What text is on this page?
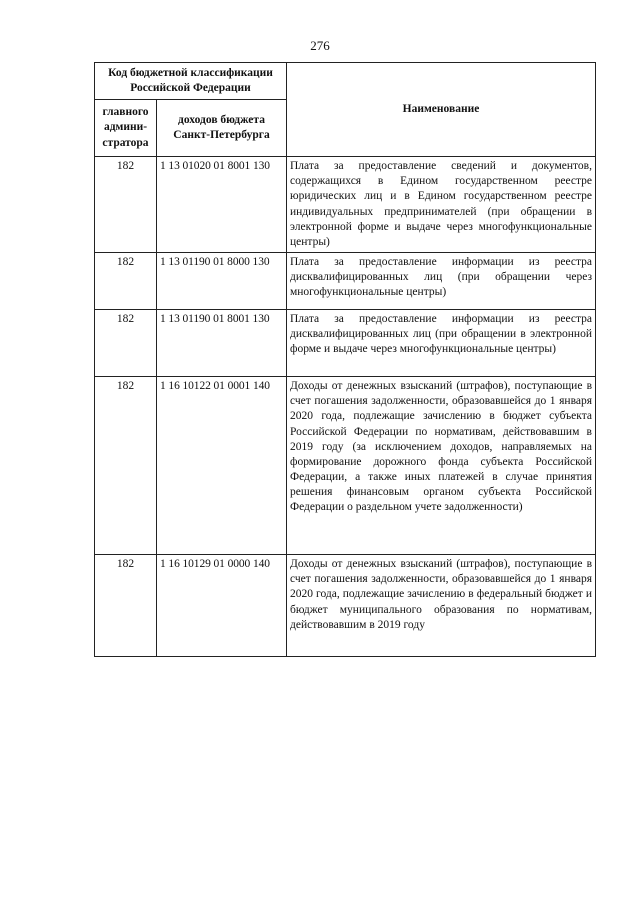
276
Код бюджетной классификации Российской Федерации		Наименование
главного админи-стратора	доходов бюджета Санкт-Петербурга	
182	1 13 01020 01 8001 130	Плата за предоставление сведений и документов, содержащихся в Едином государственном реестре юридических лиц и в Едином государственном реестре индивидуальных предпринимателей (при обращении в электронной форме и выдаче через многофункциональные центры)
182	1 13 01190 01 8000 130	Плата за предоставление информации из реестра дисквалифицированных лиц (при обращении через многофункциональные центры)
182	1 13 01190 01 8001 130	Плата за предоставление информации из реестра дисквалифицированных лиц (при обращении в электронной форме и выдаче через многофункциональные центры)
182	1 16 10122 01 0001 140	Доходы от денежных взысканий (штрафов), поступающие в счет погашения задолженности, образовавшейся до 1 января 2020 года, подлежащие зачислению в бюджет субъекта Российской Федерации по нормативам, действовавшим в 2019 году (за исключением доходов, направляемых на формирование дорожного фонда субъекта Российской Федерации, а также иных платежей в случае принятия решения финансовым органом субъекта Российской Федерации о раздельном учете задолженности)
182	1 16 10129 01 0000 140	Доходы от денежных взысканий (штрафов), поступающие в счет погашения задолженности, образовавшейся до 1 января 2020 года, подлежащие зачислению в федеральный бюджет и бюджет муниципального образования по нормативам, действовавшим в 2019 году
